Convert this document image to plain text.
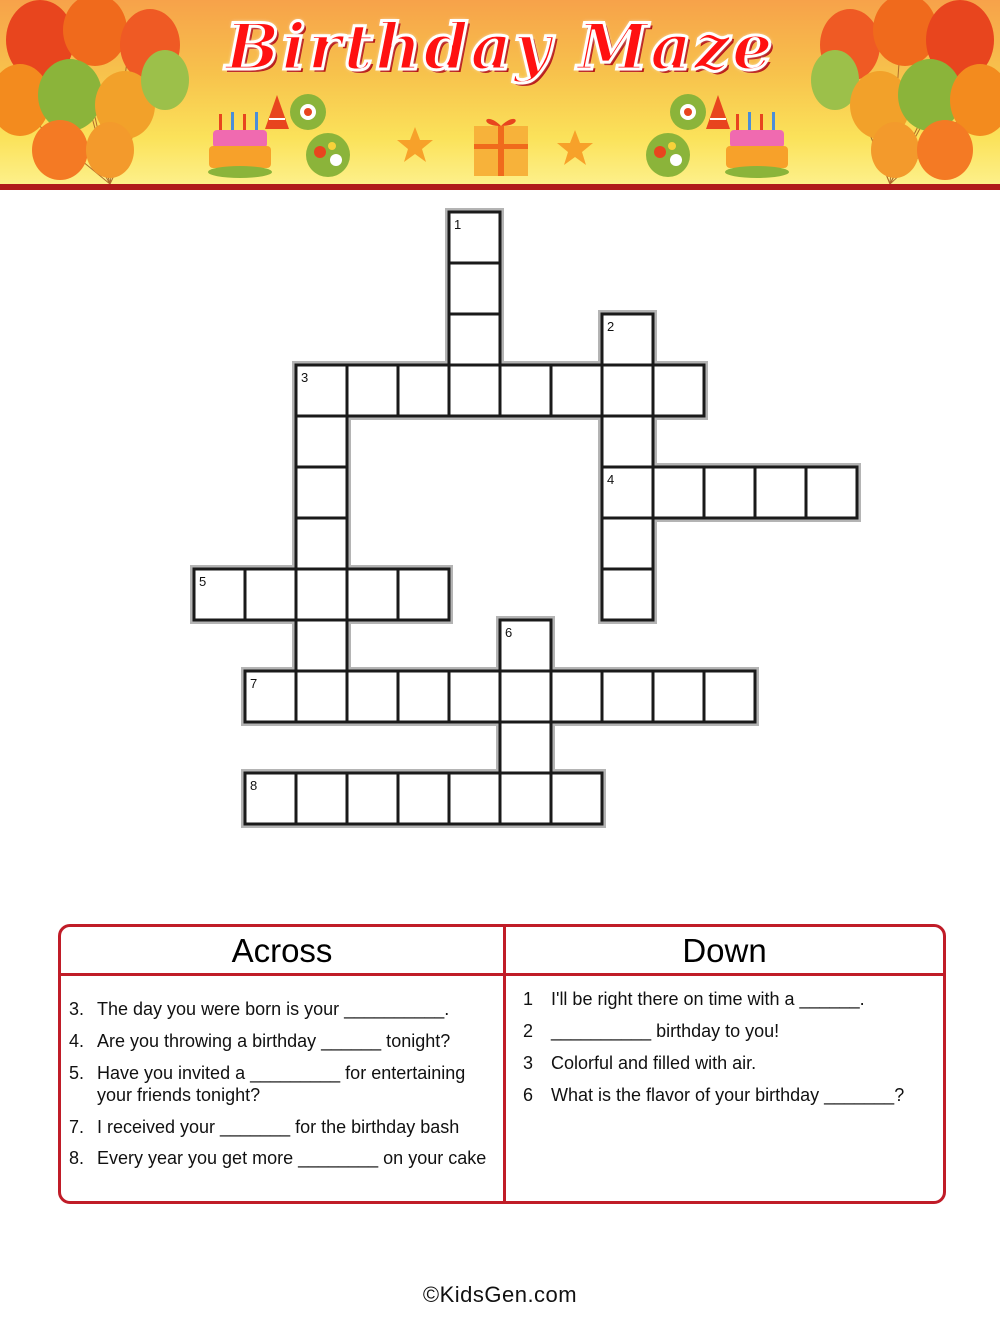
Birthday Maze
1
2
3
4
5
6
7
8
Across	Down
3. The day you were born is your __________.
4. Are you throwing a birthday ______ tonight?
5. Have you invited a _________ for entertaining your friends tonight?
7. I received your _______ for the birthday bash
8. Every year you get more ________ on your cake
1 I'll be right there on time with a ______.
2 __________ birthday to you!
3 Colorful and filled with air.
6 What is the flavor of your birthday _______?
©KidsGen.com
